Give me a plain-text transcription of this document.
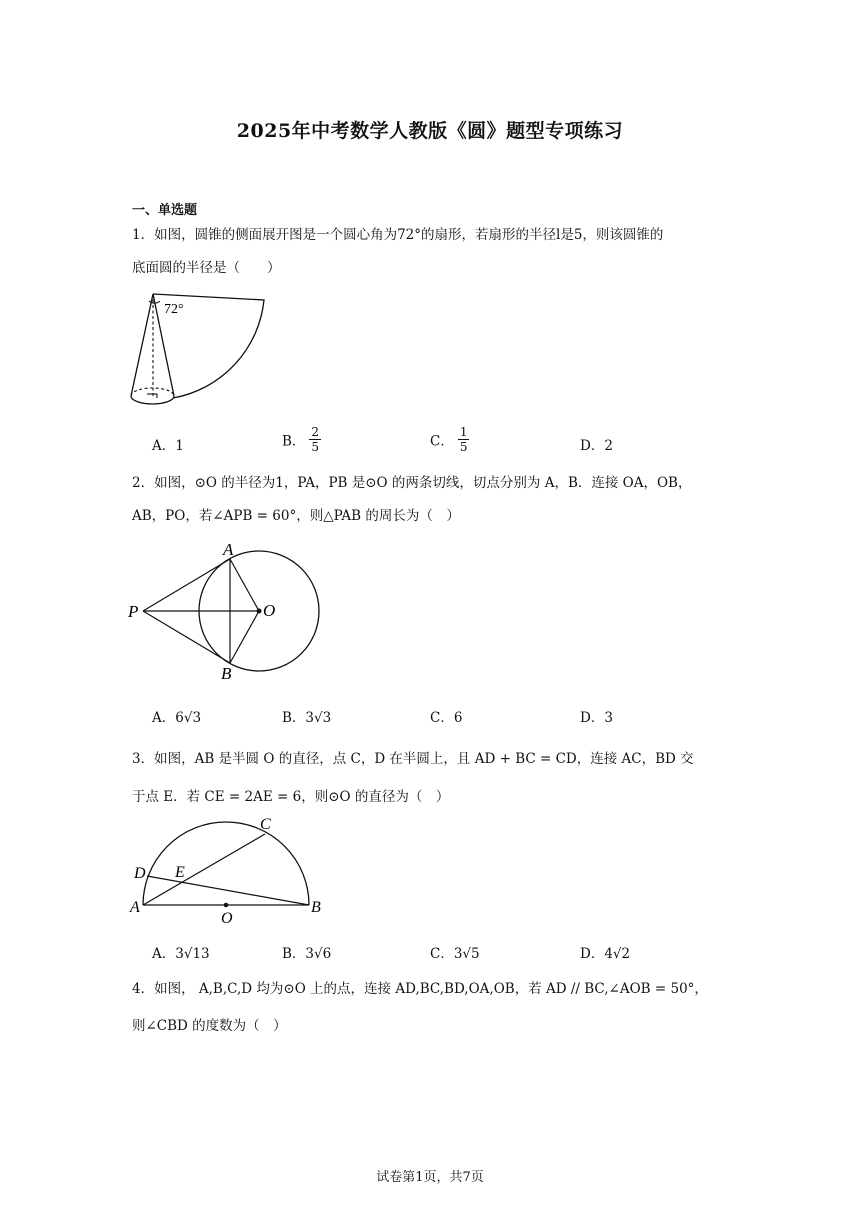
2025年中考数学人教版《圆》题型专项练习
一、单选题
1．如图，圆锥的侧面展开图是一个圆心角为72°的扇形，若扇形的半径l是5，则该圆锥的
底面圆的半径是（　　）
72°
A．1	B． $\frac{2}{5}$	C． $\frac{1}{5}$	D．2
2．如图，⊙O 的半径为1，PA，PB 是⊙O 的两条切线，切点分别为 A，B．连接 OA，OB，
AB，PO，若∠APB = 60°，则△PAB 的周长为（　）
A
B
P	O
A．6√3	B．3√3	C．6	D．3
3．如图，AB 是半圆 O 的直径，点 C，D 在半圆上，且 AD + BC = CD，连接 AC，BD 交
于点 E．若 CE = 2AE = 6，则⊙O 的直径为（　）
A	B
C
D E
O
A．3√13	B．3√6	C．3√5	D．4√2
4．如图， A,B,C,D 均为⊙O 上的点，连接 AD,BC,BD,OA,OB，若 AD // BC,∠AOB = 50°，
则∠CBD 的度数为（　）
试卷第1页，共7页
